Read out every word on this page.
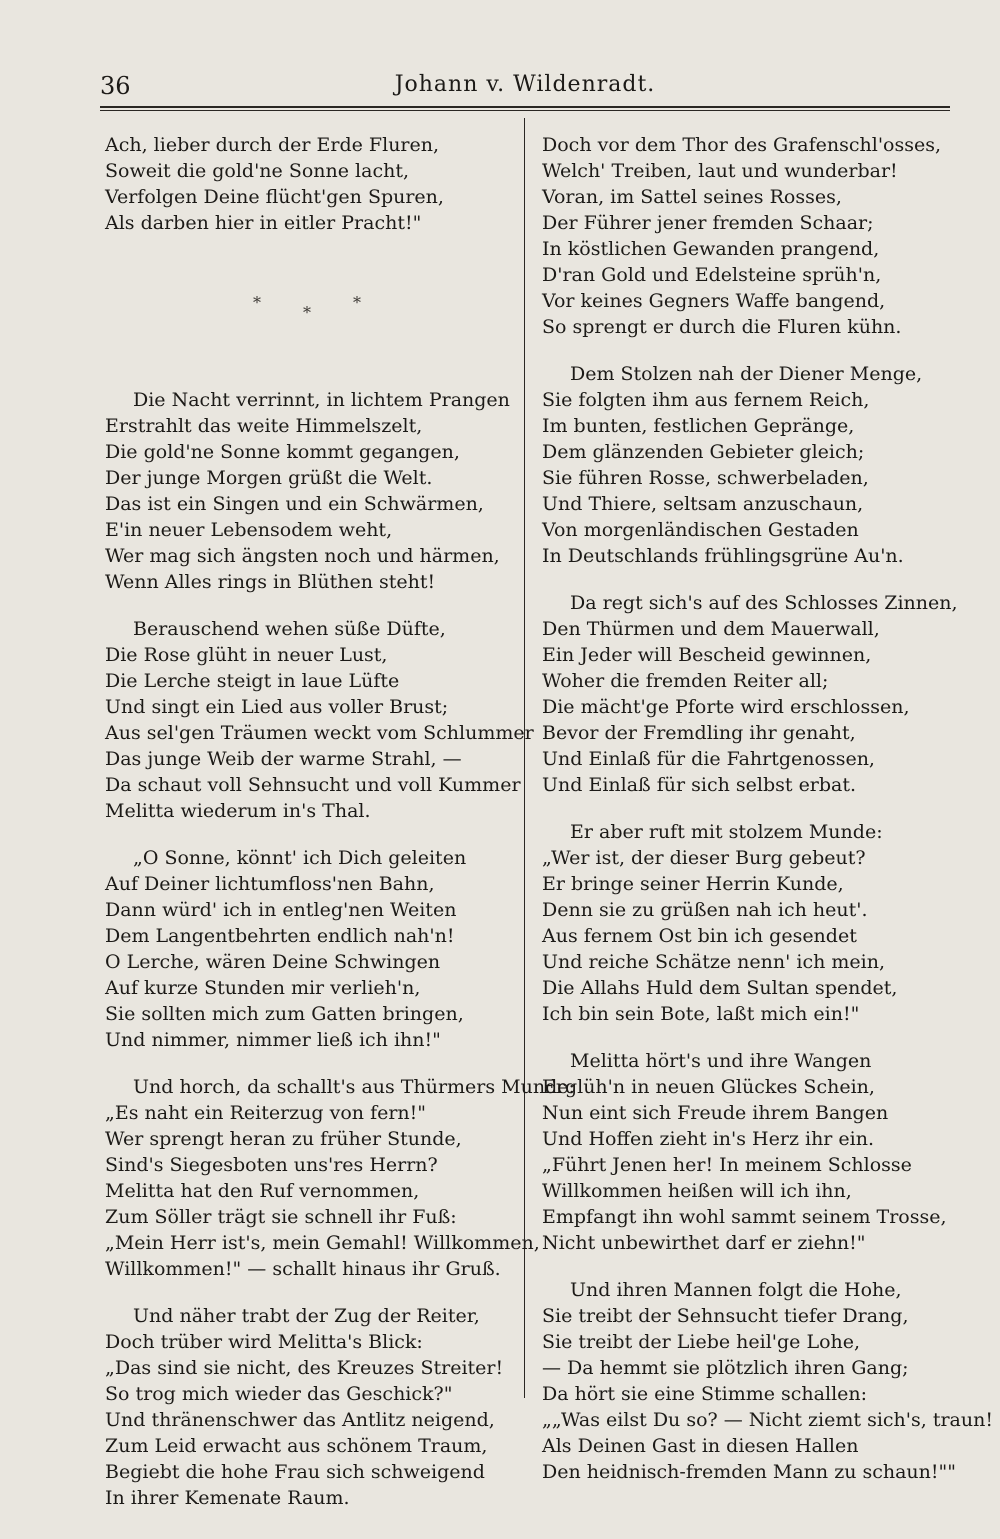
36	Johann v. Wildenradt.
Ach, lieber durch der Erde Fluren,
Soweit die gold'ne Sonne lacht,
Verfolgen Deine flücht'gen Spuren,
Als darben hier in eitler Pracht!"
*
*
*
Die Nacht verrinnt, in lichtem Prangen
Erstrahlt das weite Himmelszelt,
Die gold'ne Sonne kommt gegangen,
Der junge Morgen grüßt die Welt.
Das ist ein Singen und ein Schwärmen,
E'in neuer Lebensodem weht,
Wer mag sich ängsten noch und härmen,
Wenn Alles rings in Blüthen steht!
Berauschend wehen süße Düfte,
Die Rose glüht in neuer Lust,
Die Lerche steigt in laue Lüfte
Und singt ein Lied aus voller Brust;
Aus sel'gen Träumen weckt vom Schlummer
Das junge Weib der warme Strahl, —
Da schaut voll Sehnsucht und voll Kummer
Melitta wiederum in's Thal.
„O Sonne, könnt' ich Dich geleiten
Auf Deiner lichtumfloss'nen Bahn,
Dann würd' ich in entleg'nen Weiten
Dem Langentbehrten endlich nah'n!
O Lerche, wären Deine Schwingen
Auf kurze Stunden mir verlieh'n,
Sie sollten mich zum Gatten bringen,
Und nimmer, nimmer ließ ich ihn!"
Und horch, da schallt's aus Thürmers Munde:
„Es naht ein Reiterzug von fern!"
Wer sprengt heran zu früher Stunde,
Sind's Siegesboten uns'res Herrn?
Melitta hat den Ruf vernommen,
Zum Söller trägt sie schnell ihr Fuß:
„Mein Herr ist's, mein Gemahl! Willkommen,
Willkommen!" — schallt hinaus ihr Gruß.
Und näher trabt der Zug der Reiter,
Doch trüber wird Melitta's Blick:
„Das sind sie nicht, des Kreuzes Streiter!
So trog mich wieder das Geschick?"
Und thränenschwer das Antlitz neigend,
Zum Leid erwacht aus schönem Traum,
Begiebt die hohe Frau sich schweigend
In ihrer Kemenate Raum.
Doch vor dem Thor des Grafenschl'osses,
Welch' Treiben, laut und wunderbar!
Voran, im Sattel seines Rosses,
Der Führer jener fremden Schaar;
In köstlichen Gewanden prangend,
D'ran Gold und Edelsteine sprüh'n,
Vor keines Gegners Waffe bangend,
So sprengt er durch die Fluren kühn.
Dem Stolzen nah der Diener Menge,
Sie folgten ihm aus fernem Reich,
Im bunten, festlichen Gepränge,
Dem glänzenden Gebieter gleich;
Sie führen Rosse, schwerbeladen,
Und Thiere, seltsam anzuschaun,
Von morgenländischen Gestaden
In Deutschlands frühlingsgrüne Au'n.
Da regt sich's auf des Schlosses Zinnen,
Den Thürmen und dem Mauerwall,
Ein Jeder will Bescheid gewinnen,
Woher die fremden Reiter all;
Die mächt'ge Pforte wird erschlossen,
Bevor der Fremdling ihr genaht,
Und Einlaß für die Fahrtgenossen,
Und Einlaß für sich selbst erbat.
Er aber ruft mit stolzem Munde:
„Wer ist, der dieser Burg gebeut?
Er bringe seiner Herrin Kunde,
Denn sie zu grüßen nah ich heut'.
Aus fernem Ost bin ich gesendet
Und reiche Schätze nenn' ich mein,
Die Allahs Huld dem Sultan spendet,
Ich bin sein Bote, laßt mich ein!"
Melitta hört's und ihre Wangen
Erglüh'n in neuen Glückes Schein,
Nun eint sich Freude ihrem Bangen
Und Hoffen zieht in's Herz ihr ein.
„Führt Jenen her! In meinem Schlosse
Willkommen heißen will ich ihn,
Empfangt ihn wohl sammt seinem Trosse,
Nicht unbewirthet darf er ziehn!"
Und ihren Mannen folgt die Hohe,
Sie treibt der Sehnsucht tiefer Drang,
Sie treibt der Liebe heil'ge Lohe,
— Da hemmt sie plötzlich ihren Gang;
Da hört sie eine Stimme schallen:
„„Was eilst Du so? — Nicht ziemt sich's, traun!
Als Deinen Gast in diesen Hallen
Den heidnisch-fremden Mann zu schaun!""
